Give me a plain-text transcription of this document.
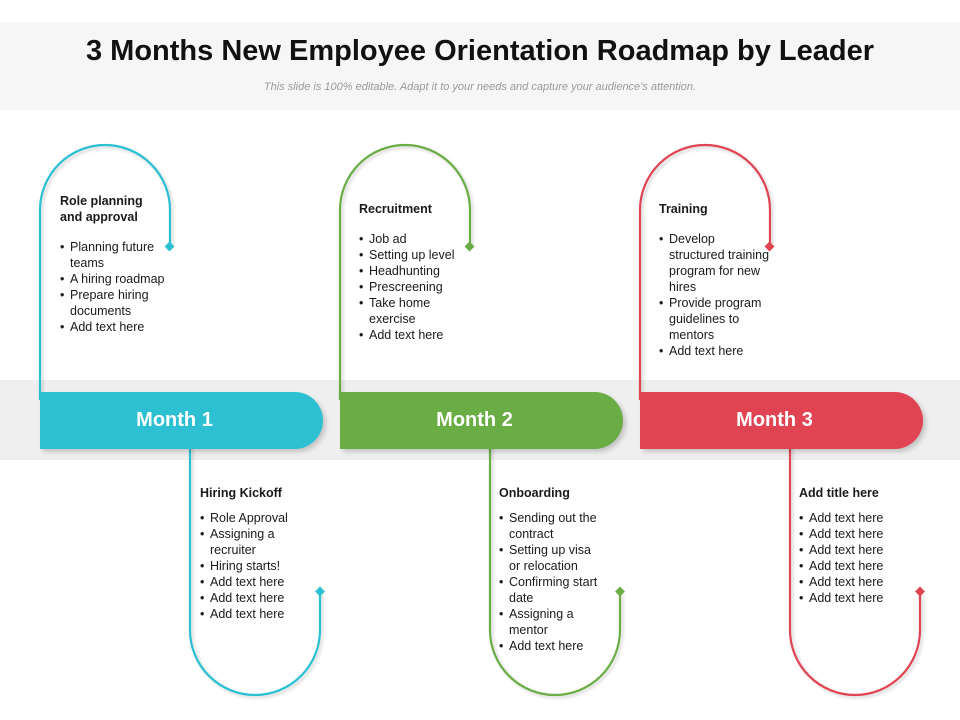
3 Months New Employee Orientation Roadmap by Leader
This slide is 100% editable. Adapt it to your needs and capture your audience's attention.
Month 1	Month 2	Month 3
Role planning and approval
• Planning future teams
• A hiring roadmap
• Prepare hiring documents
• Add text here
Recruitment
• Job ad
• Setting up level
• Headhunting
• Prescreening
• Take home exercise
• Add text here
Training
• Develop structured training program for new hires
• Provide program guidelines to mentors
• Add text here
Hiring Kickoff
• Role Approval
• Assigning a recruiter
• Hiring starts!
• Add text here
• Add text here
• Add text here
Onboarding
• Sending out the contract
• Setting up visa or relocation
• Confirming start date
• Assigning a mentor
• Add text here
Add title here
• Add text here
• Add text here
• Add text here
• Add text here
• Add text here
• Add text here
